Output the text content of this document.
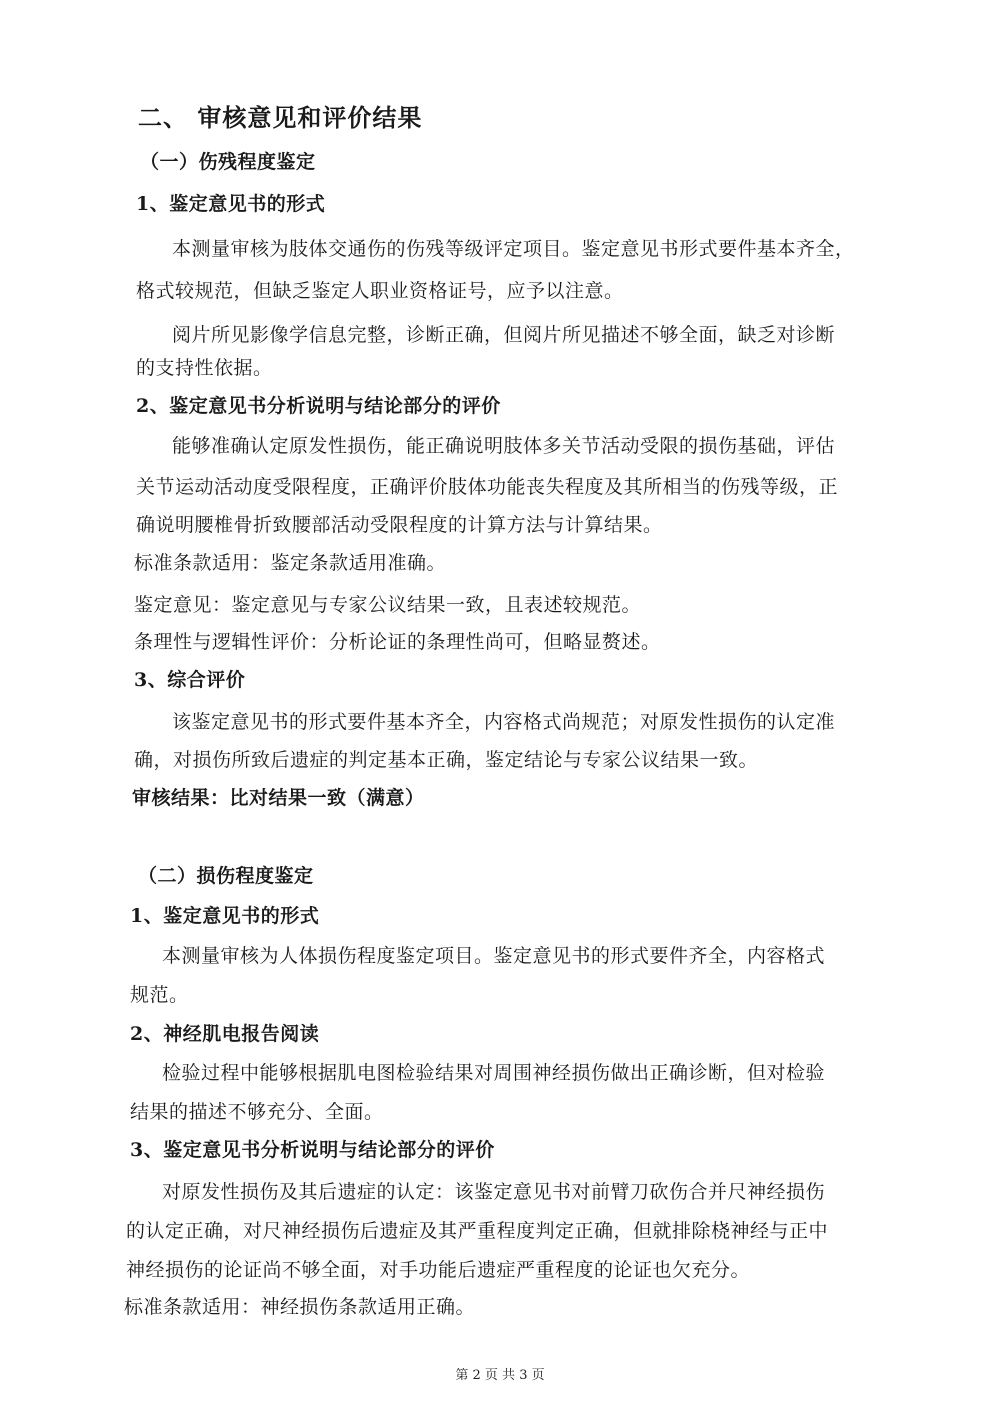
二、 审核意见和评价结果
（一）伤残程度鉴定
1、鉴定意见书的形式
本测量审核为肢体交通伤的伤残等级评定项目。鉴定意见书形式要件基本齐全，
格式较规范，但缺乏鉴定人职业资格证号，应予以注意。
阅片所见影像学信息完整，诊断正确，但阅片所见描述不够全面，缺乏对诊断
的支持性依据。
2、鉴定意见书分析说明与结论部分的评价
能够准确认定原发性损伤，能正确说明肢体多关节活动受限的损伤基础，评估
关节运动活动度受限程度，正确评价肢体功能丧失程度及其所相当的伤残等级，正
确说明腰椎骨折致腰部活动受限程度的计算方法与计算结果。
标准条款适用：鉴定条款适用准确。
鉴定意见：鉴定意见与专家公议结果一致，且表述较规范。
条理性与逻辑性评价：分析论证的条理性尚可，但略显赘述。
3、综合评价
该鉴定意见书的形式要件基本齐全，内容格式尚规范；对原发性损伤的认定准
确，对损伤所致后遗症的判定基本正确，鉴定结论与专家公议结果一致。
审核结果：比对结果一致（满意）
（二）损伤程度鉴定
1、鉴定意见书的形式
本测量审核为人体损伤程度鉴定项目。鉴定意见书的形式要件齐全，内容格式
规范。
2、神经肌电报告阅读
检验过程中能够根据肌电图检验结果对周围神经损伤做出正确诊断，但对检验
结果的描述不够充分、全面。
3、鉴定意见书分析说明与结论部分的评价
对原发性损伤及其后遗症的认定：该鉴定意见书对前臂刀砍伤合并尺神经损伤
的认定正确，对尺神经损伤后遗症及其严重程度判定正确，但就排除桡神经与正中
神经损伤的论证尚不够全面，对手功能后遗症严重程度的论证也欠充分。
标准条款适用：神经损伤条款适用正确。
第 2 页 共 3 页
